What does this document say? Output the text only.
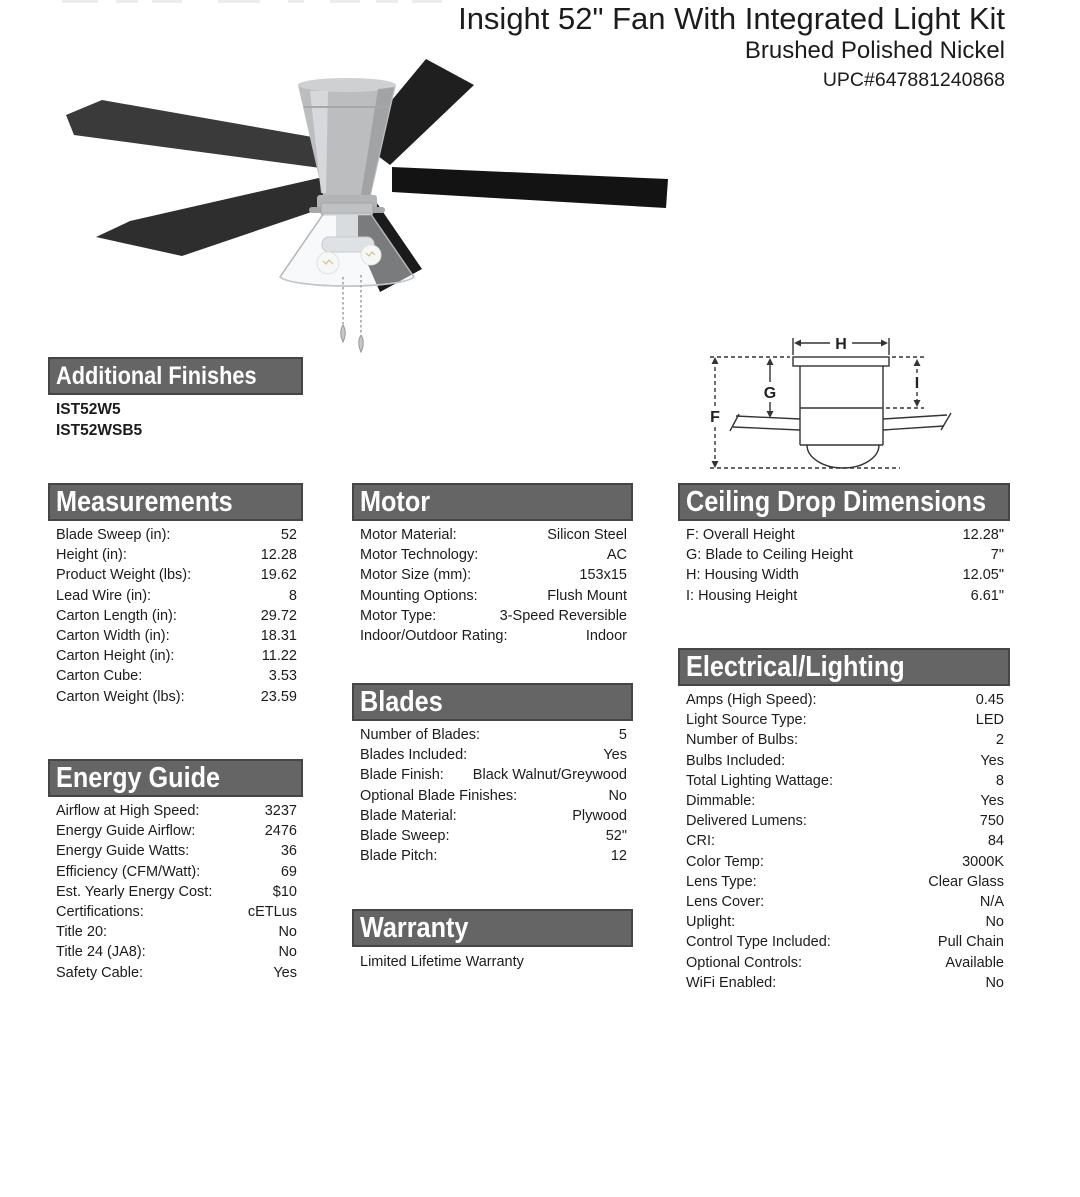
Insight 52" Fan With Integrated Light Kit
Brushed Polished Nickel
UPC#647881240868
F
G
H
I
Additional Finishes
IST52W5
IST52WSB5
Measurements
Blade Sweep (in):	52
Height (in):	12.28
Product Weight (lbs):	19.62
Lead Wire (in):	8
Carton Length (in):	29.72
Carton Width (in):	18.31
Carton Height (in):	11.22
Carton Cube:	3.53
Carton Weight (lbs):	23.59
Energy Guide
Airflow at High Speed:	3237
Energy Guide Airflow:	2476
Energy Guide Watts:	36
Efficiency (CFM/Watt):	69
Est. Yearly Energy Cost:	$10
Certifications:	cETLus
Title 20:	No
Title 24 (JA8):	No
Safety Cable:	Yes
Motor
Motor Material:	Silicon Steel
Motor Technology:	AC
Motor Size (mm):	153x15
Mounting Options:	Flush Mount
Motor Type:	3-Speed Reversible
Indoor/Outdoor Rating:	Indoor
Blades
Number of Blades:	5
Blades Included:	Yes
Blade Finish: Black Walnut/Greywood
Optional Blade Finishes:	No
Blade Material:	Plywood
Blade Sweep:	52"
Blade Pitch:	12
Warranty
Limited Lifetime Warranty
Ceiling Drop Dimensions
F: Overall Height	12.28"
G: Blade to Ceiling Height	7"
H: Housing Width	12.05"
I: Housing Height	6.61"
Electrical/Lighting
Amps (High Speed):	0.45
Light Source Type:	LED
Number of Bulbs:	2
Bulbs Included:	Yes
Total Lighting Wattage:	8
Dimmable:	Yes
Delivered Lumens:	750
CRI:	84
Color Temp:	3000K
Lens Type:	Clear Glass
Lens Cover:	N/A
Uplight:	No
Control Type Included:	Pull Chain
Optional Controls:	Available
WiFi Enabled:	No
